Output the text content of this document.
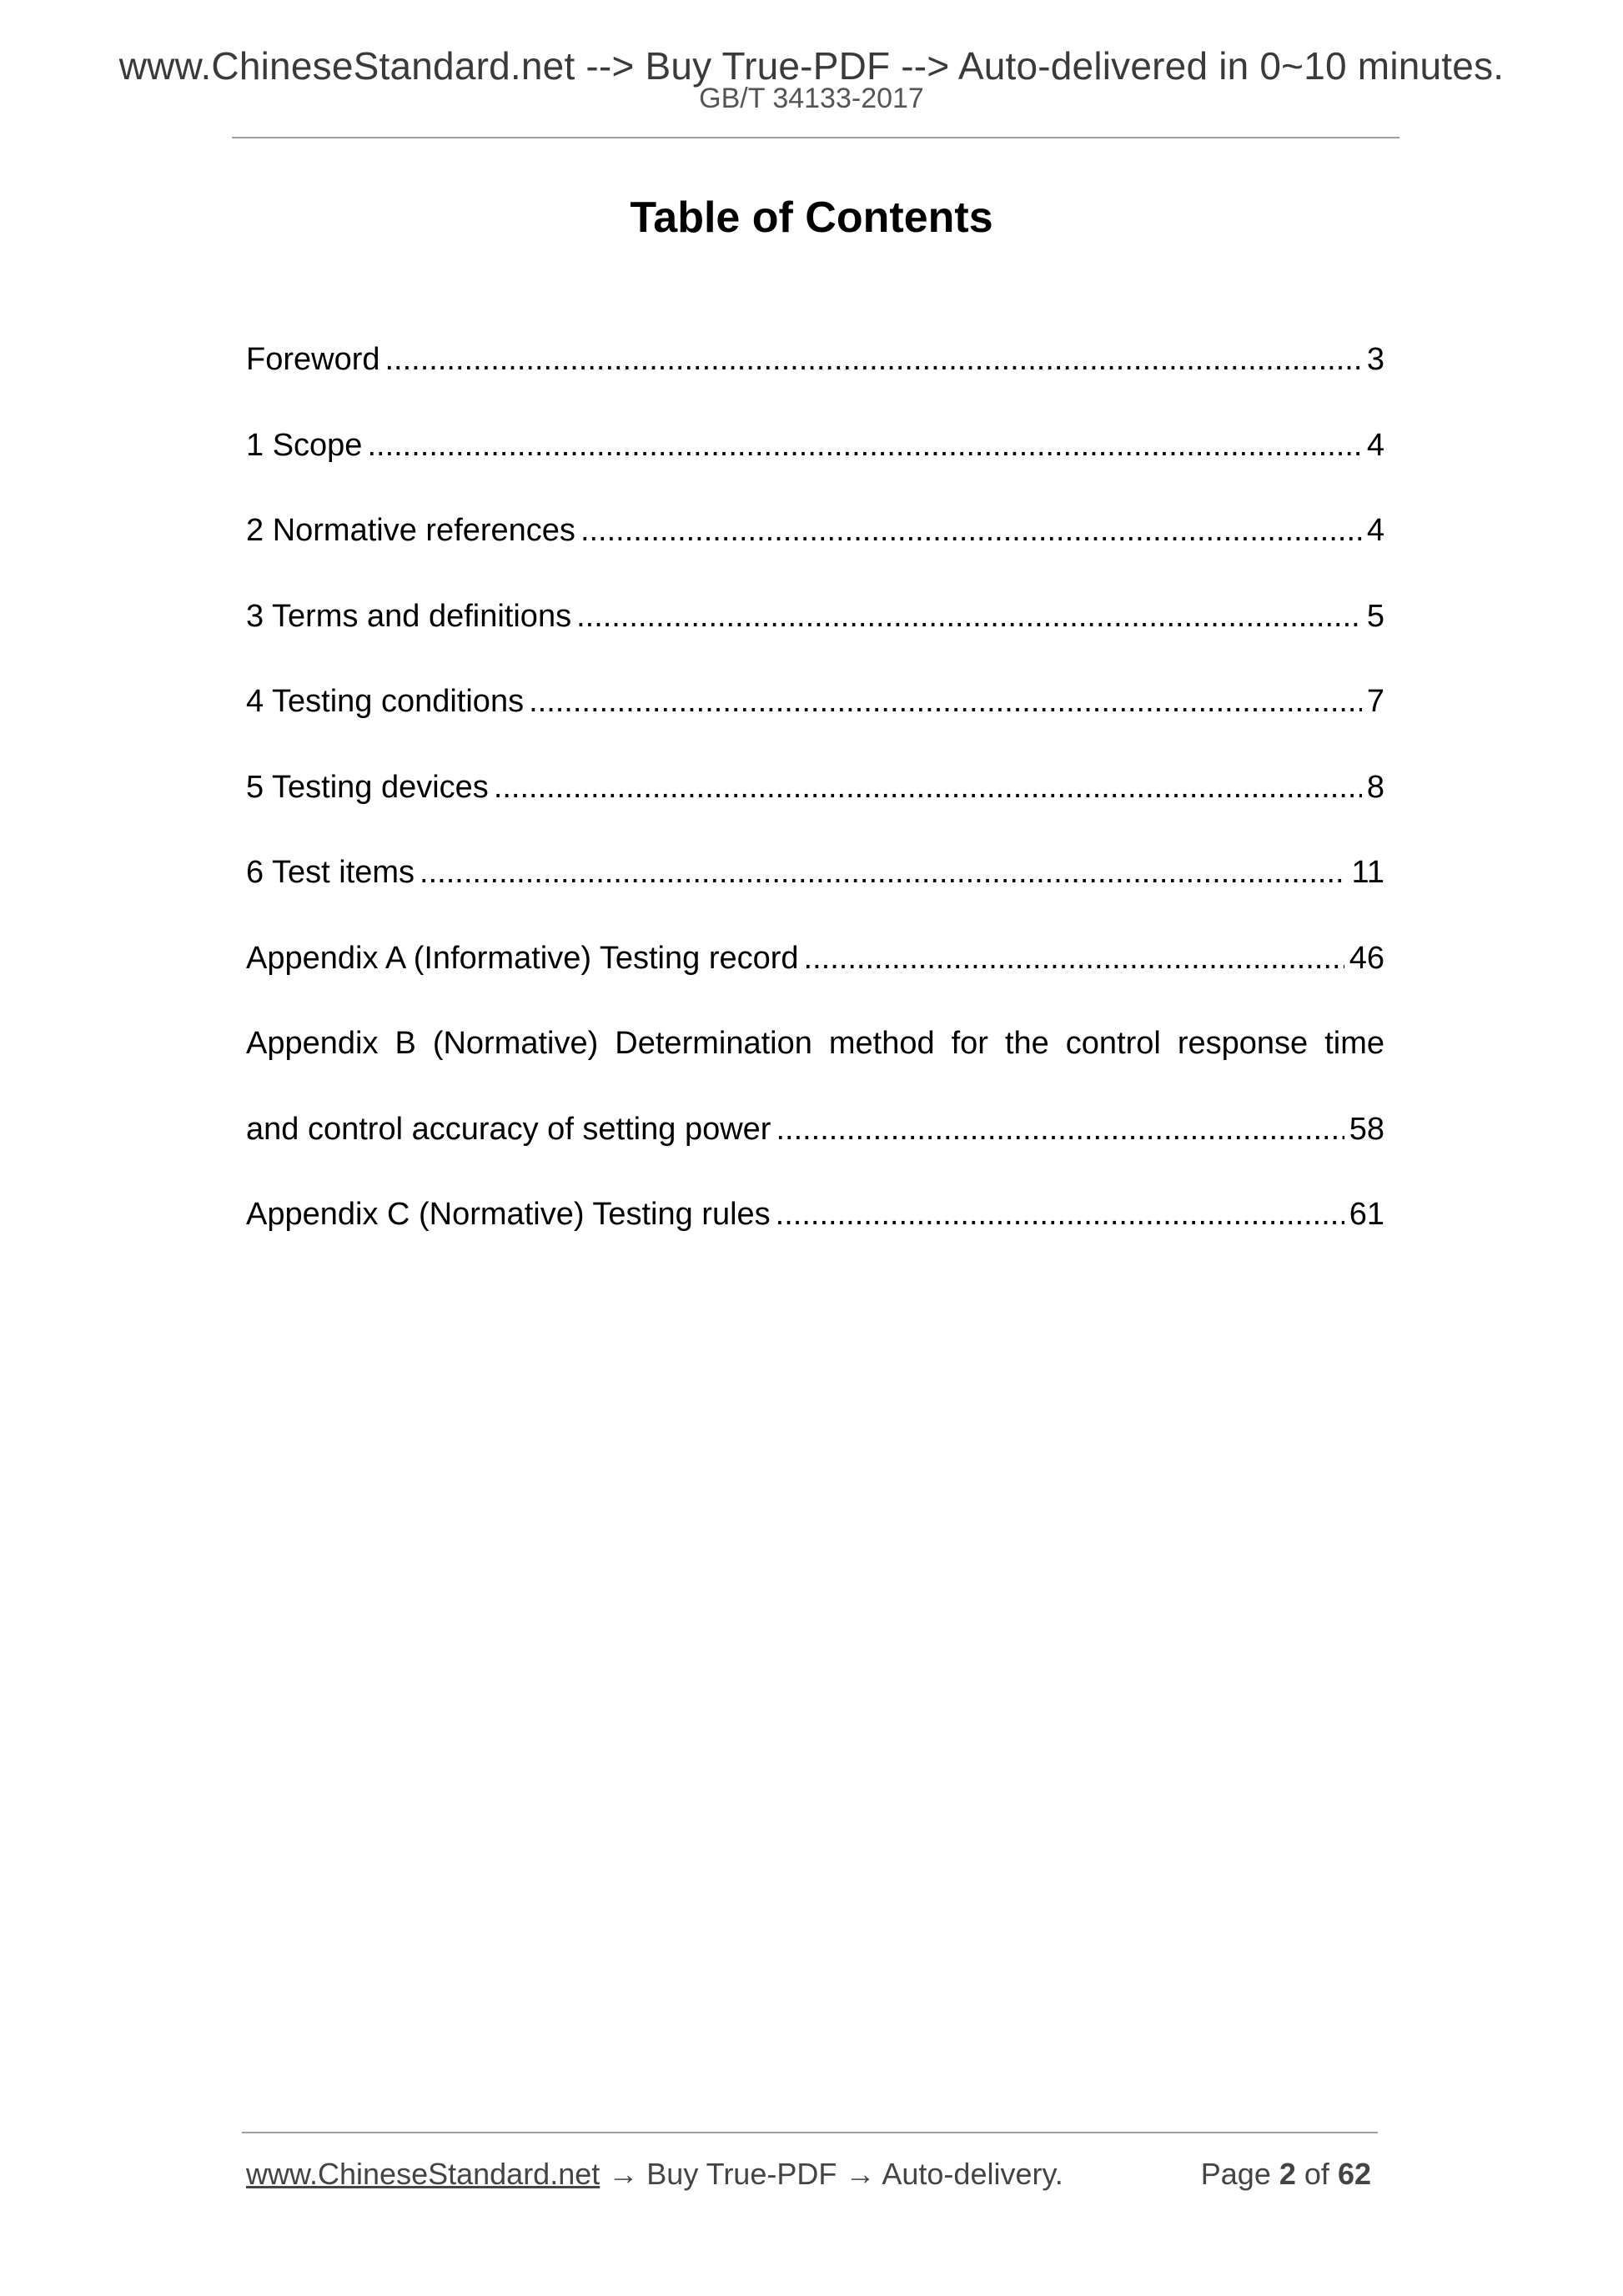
www.ChineseStandard.net --> Buy True-PDF --> Auto-delivered in 0~10 minutes.
GB/T 34133-2017
Table of Contents
Foreword .....	3
1 Scope .....	4
2 Normative references .....	4
3 Terms and definitions .....	5
4 Testing conditions .....	7
5 Testing devices .....	8
6 Test items .....	11
Appendix A (Informative) Testing record .....	46
Appendix B (Normative) Determination method for the control response time
and control accuracy of setting power .....	58
Appendix C (Normative) Testing rules .....	61
www.ChineseStandard.net → Buy True-PDF → Auto-delivery.	Page 2 of 62
